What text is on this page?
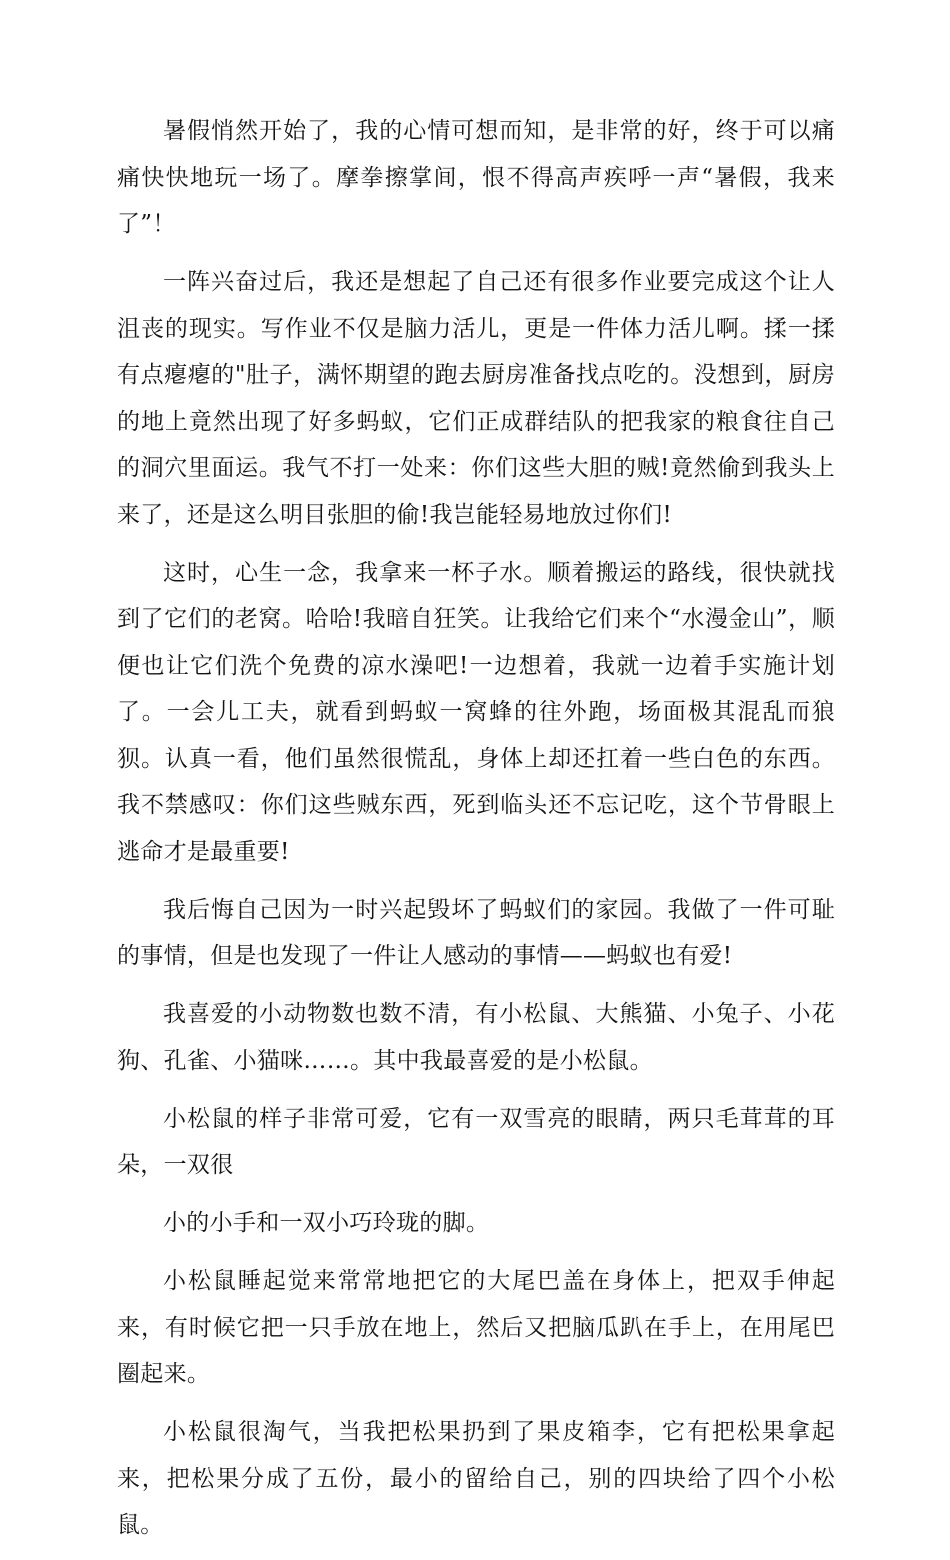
暑假悄然开始了，我的心情可想而知，是非常的好，终于可以痛痛快快地玩一场了。摩拳擦掌间，恨不得高声疾呼一声“暑假，我来了”！

一阵兴奋过后，我还是想起了自己还有很多作业要完成这个让人沮丧的现实。写作业不仅是脑力活儿，更是一件体力活儿啊。揉一揉有点瘪瘪的"肚子，满怀期望的跑去厨房准备找点吃的。没想到，厨房的地上竟然出现了好多蚂蚁，它们正成群结队的把我家的粮食往自己的洞穴里面运。我气不打一处来：你们这些大胆的贼!竟然偷到我头上来了，还是这么明目张胆的偷!我岂能轻易地放过你们!

这时，心生一念，我拿来一杯子水。顺着搬运的路线，很快就找到了它们的老窝。哈哈!我暗自狂笑。让我给它们来个“水漫金山”，顺便也让它们洗个免费的凉水澡吧!一边想着，我就一边着手实施计划了。一会儿工夫，就看到蚂蚁一窝蜂的往外跑，场面极其混乱而狼狈。认真一看，他们虽然很慌乱，身体上却还扛着一些白色的东西。我不禁感叹：你们这些贼东西，死到临头还不忘记吃，这个节骨眼上逃命才是最重要!

我后悔自己因为一时兴起毁坏了蚂蚁们的家园。我做了一件可耻的事情，但是也发现了一件让人感动的事情——蚂蚁也有爱!

我喜爱的小动物数也数不清，有小松鼠、大熊猫、小兔子、小花狗、孔雀、小猫咪……。其中我最喜爱的是小松鼠。

小松鼠的样子非常可爱，它有一双雪亮的眼睛，两只毛茸茸的耳朵，一双很

小的小手和一双小巧玲珑的脚。

小松鼠睡起觉来常常地把它的大尾巴盖在身体上，把双手伸起来，有时候它把一只手放在地上，然后又把脑瓜趴在手上，在用尾巴圈起来。

小松鼠很淘气，当我把松果扔到了果皮箱李，它有把松果拿起来，把松果分成了五份，最小的留给自己，别的四块给了四个小松鼠。
